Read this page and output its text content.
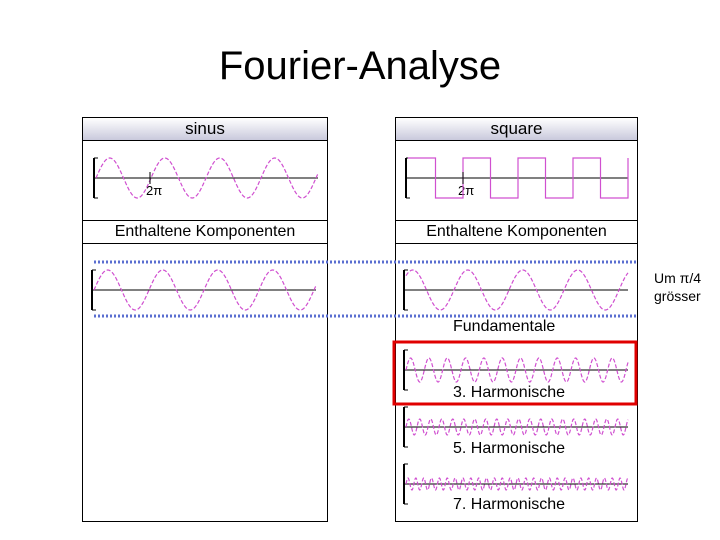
Fourier-Analyse
sinus
2π
Enthaltene Komponenten
square
2π
Enthaltene Komponenten
Fundamentale
3. Harmonische
5. Harmonische
7. Harmonische
Um π/4
grösser
